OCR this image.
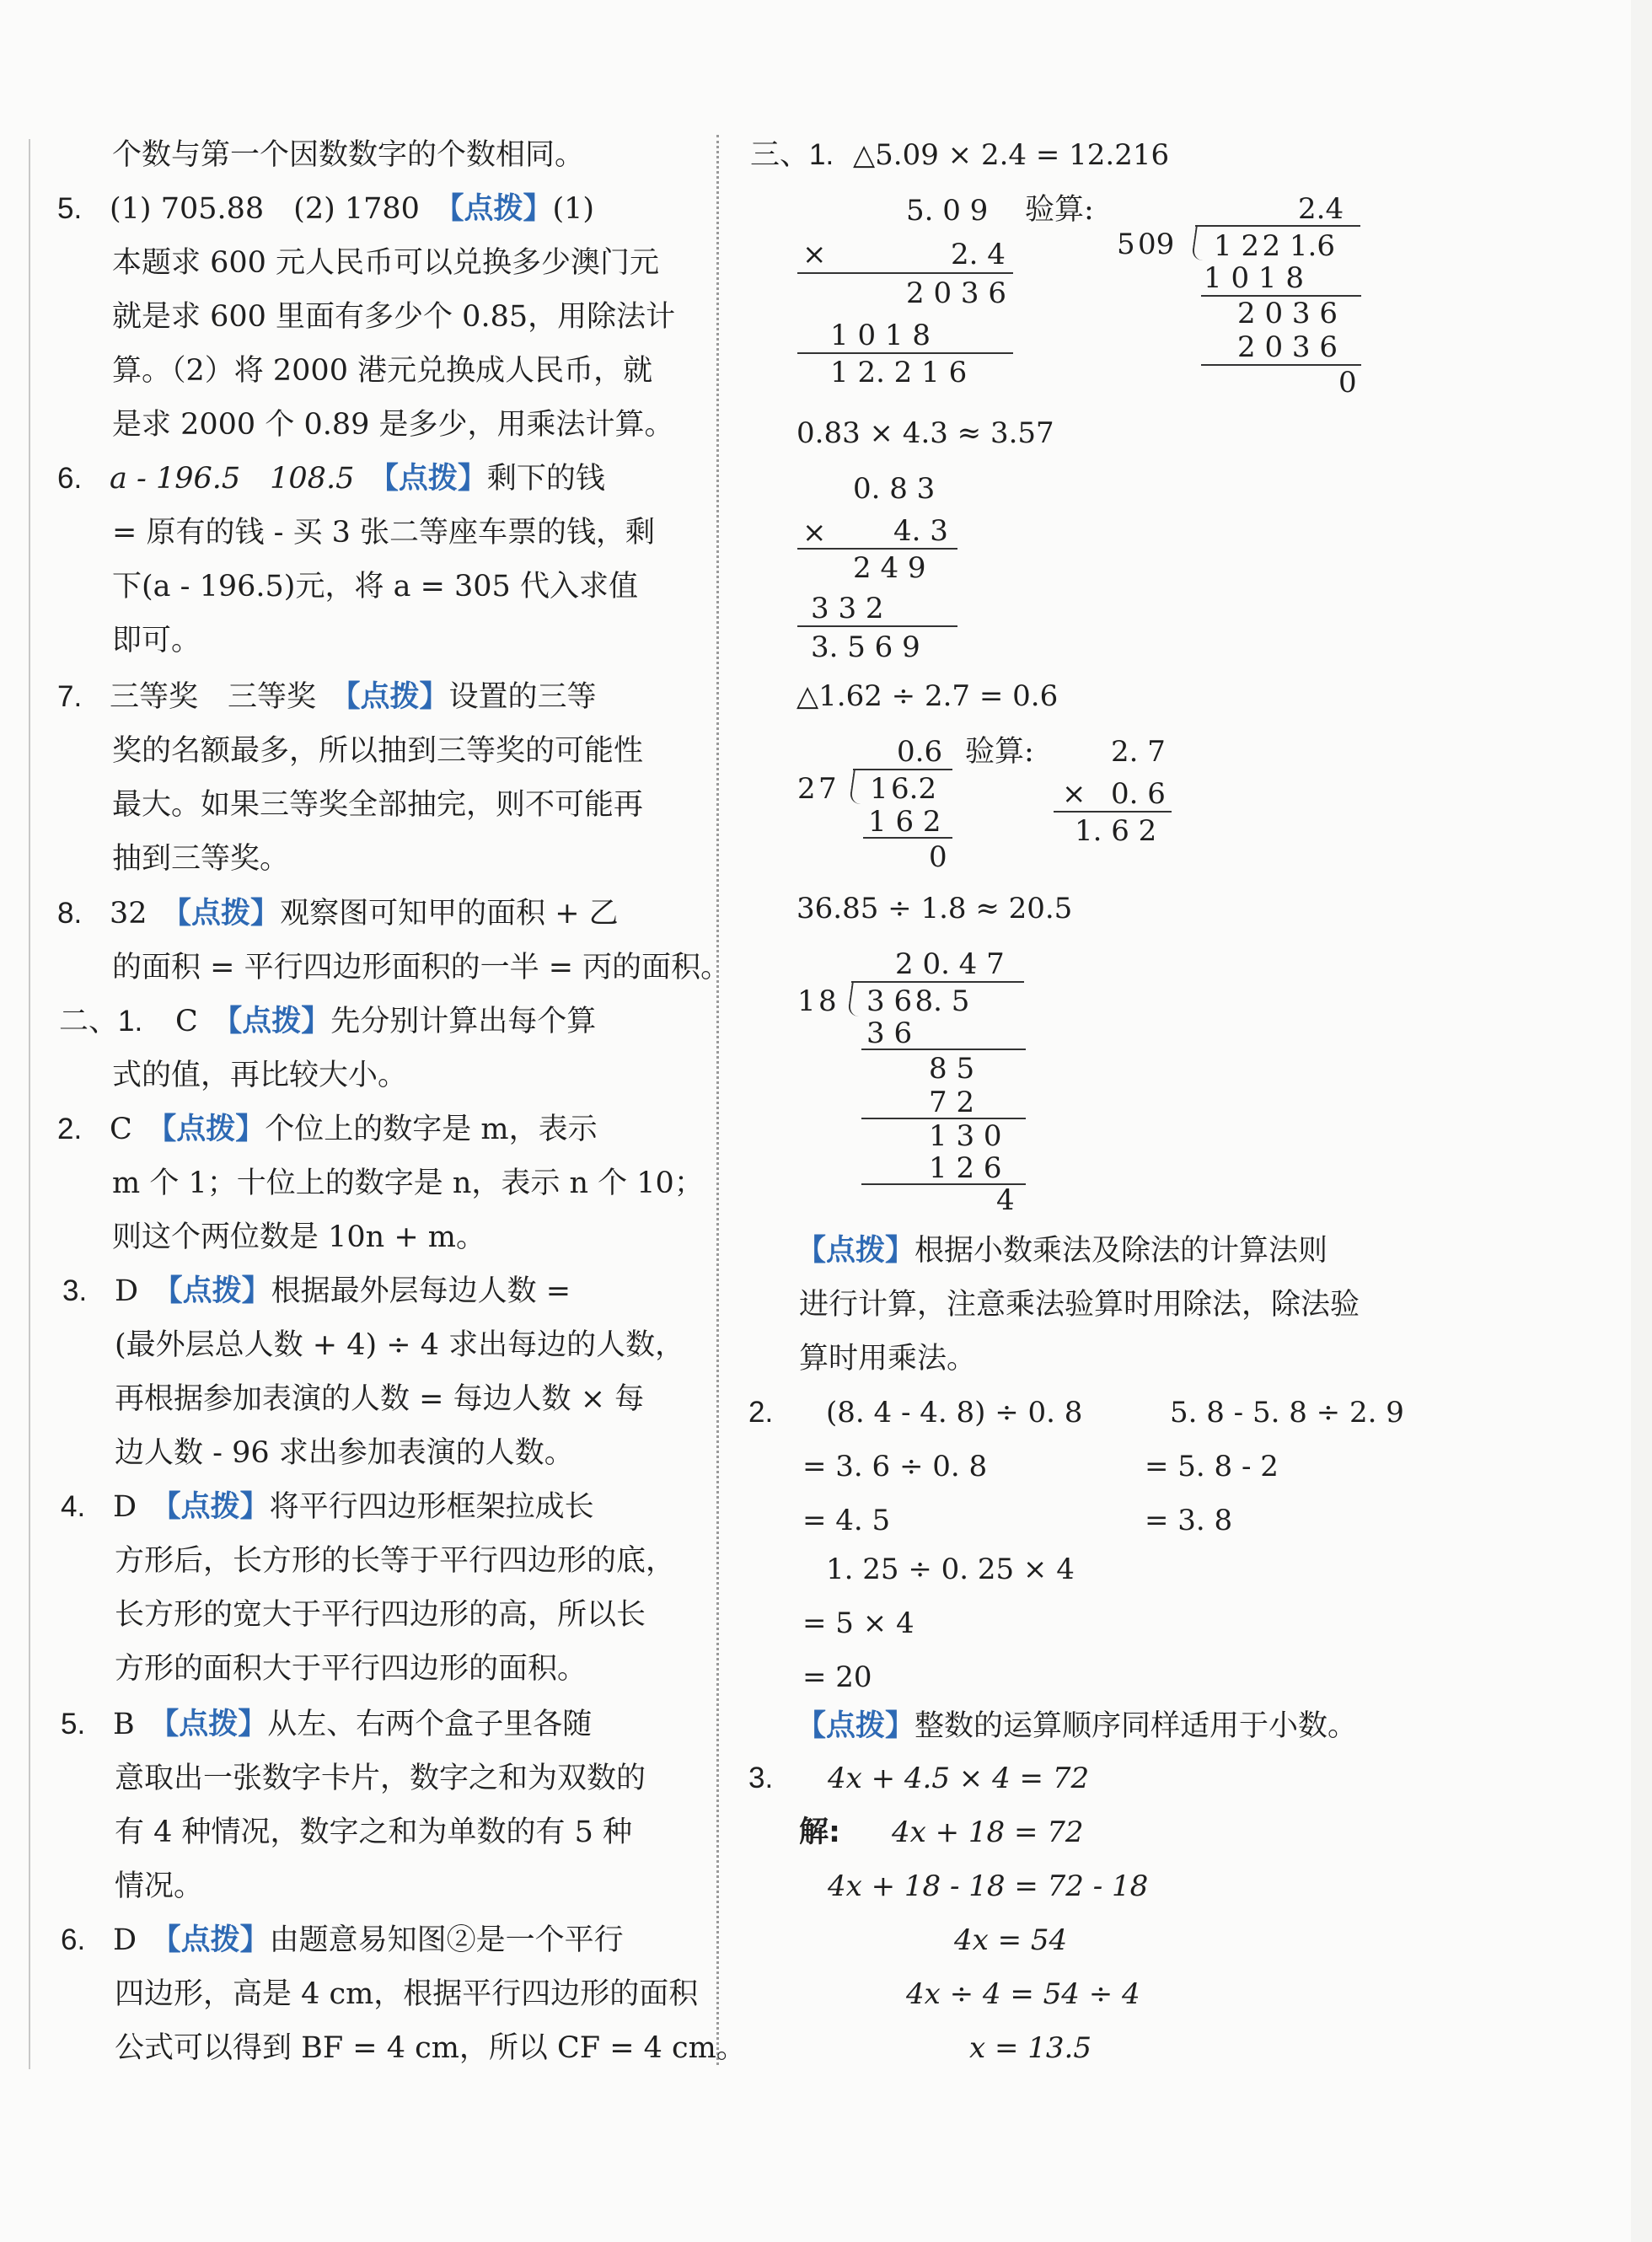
个数与第一个因数数字的个数相同。
5. (1) 705.88　(2) 1780　【点拨】(1)
本题求 600 元人民币可以兑换多少澳门元
就是求 600 里面有多少个 0.85，用除法计
算。（2）将 2000 港元兑换成人民币，就
是求 2000 个 0.89 是多少，用乘法计算。
6. a - 196.5　108.5　【点拨】剩下的钱
= 原有的钱 - 买 3 张二等座车票的钱，剩
下(a - 196.5)元，将 a = 305 代入求值
即可。
7. 三等奖　三等奖　【点拨】设置的三等
奖的名额最多，所以抽到三等奖的可能性
最大。如果三等奖全部抽完，则不可能再
抽到三等奖。
8. 32　【点拨】观察图可知甲的面积 + 乙
的面积 = 平行四边形面积的一半 = 丙的面积。
二、1. C　【点拨】先分别计算出每个算
式的值，再比较大小。
2. C　【点拨】个位上的数字是 m，表示
m 个 1；十位上的数字是 n，表示 n 个 10；
则这个两位数是 10n + m。
3. D　【点拨】根据最外层每边人数 =
(最外层总人数 + 4) ÷ 4 求出每边的人数，
再根据参加表演的人数 = 每边人数 × 每
边人数 - 96 求出参加表演的人数。
4. D　【点拨】将平行四边形框架拉成长
方形后，长方形的长等于平行四边形的底，
长方形的宽大于平行四边形的高，所以长
方形的面积大于平行四边形的面积。
5. B　【点拨】从左、右两个盒子里各随
意取出一张数字卡片，数字之和为双数的
有 4 种情况，数字之和为单数的有 5 种
情况。
6. D　【点拨】由题意易知图②是一个平行
四边形，高是 4 cm，根据平行四边形的面积
公式可以得到 BF = 4 cm，所以 CF = 4 cm。
三、1. △5.09 × 2.4 = 12.216
5. 0 9 验算:
×	2. 4
2 0 3 6
1 0 1 8
1 2. 2 1 6
2.4
5 09 1 2 2 1.6
1 0 1 8
2 0 3 6
2 0 3 6
0
0.83 × 4.3 ≈ 3.57
0. 8 3
× 4. 3
2 4 9
3 3 2
3. 5 6 9
△1.62 ÷ 2.7 = 0.6
0.6 验算:
2 7 1 6.2
1 6 2
0
2. 7
× 0. 6
1. 6 2
36.85 ÷ 1.8 ≈ 20.5
2 0. 4 7
1 8 3 6 8. 5
3 6
8 5
7 2
1 3 0
1 2 6
4
【点拨】根据小数乘法及除法的计算法则
进行计算，注意乘法验算时用除法，除法验
算时用乘法。
2. (8. 4 - 4. 8) ÷ 0. 8
= 3. 6 ÷ 0. 8
= 4. 5
5. 8 - 5. 8 ÷ 2. 9
= 5. 8 - 2
= 3. 8
1. 25 ÷ 0. 25 × 4
= 5 × 4
= 20
【点拨】整数的运算顺序同样适用于小数。
3. 4x + 4.5 × 4 = 72
解: 4x + 18 = 72
4x + 18 - 18 = 72 - 18
4x = 54
4x ÷ 4 = 54 ÷ 4
x = 13.5
